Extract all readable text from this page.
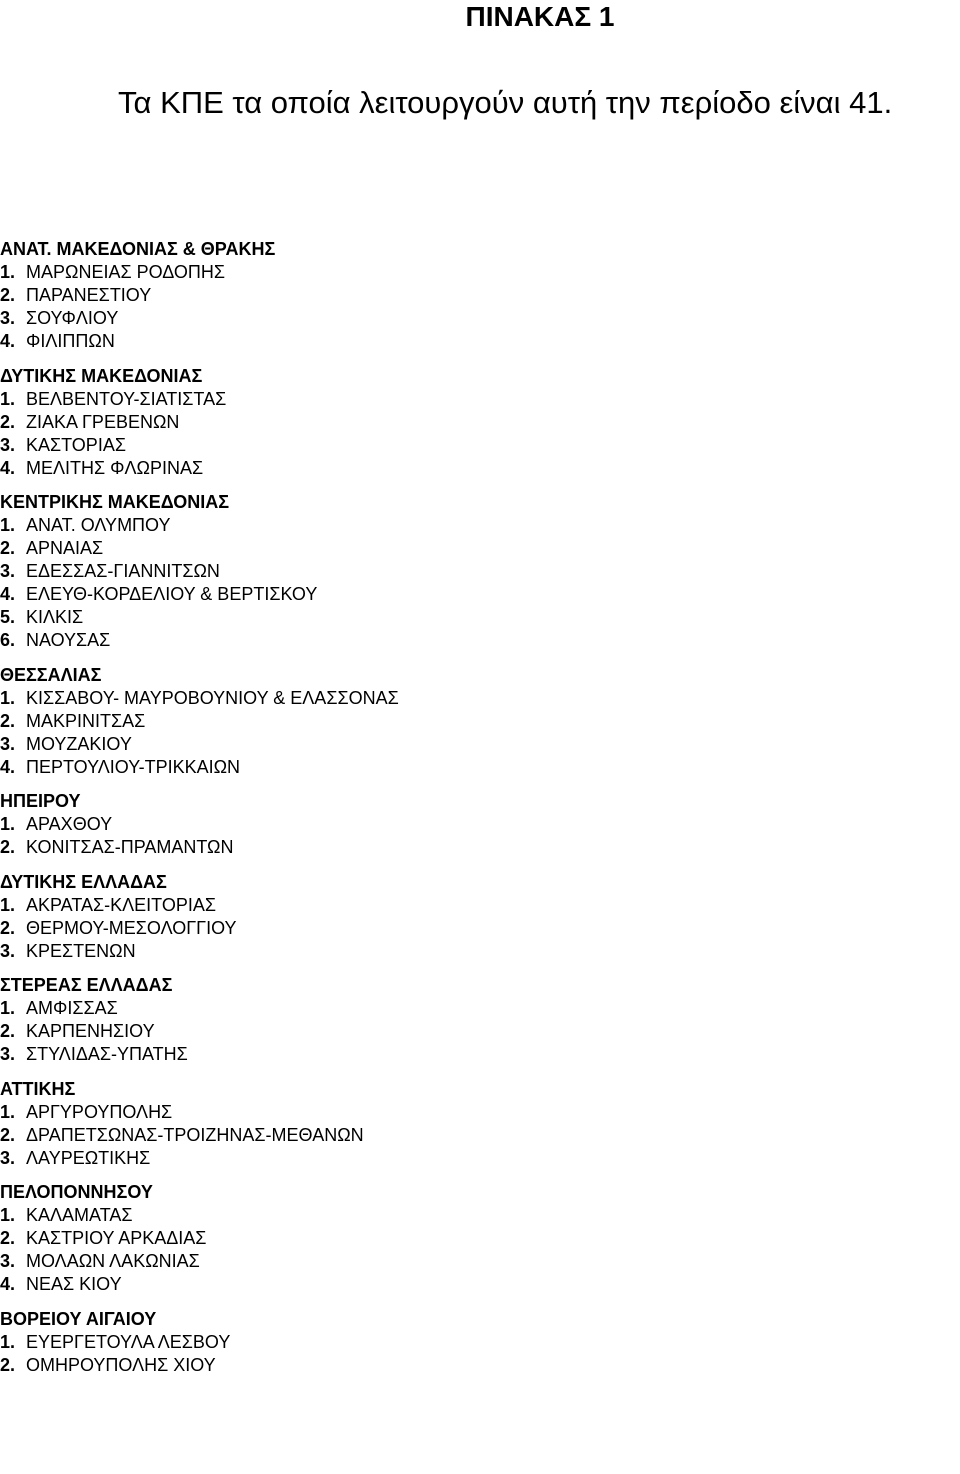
ΠΙΝΑΚΑΣ 1
Τα ΚΠΕ τα οποία λειτουργούν αυτή την περίοδο είναι 41.
ΑΝΑΤ. ΜΑΚΕΔΟΝΙΑΣ & ΘΡΑΚΗΣ
1. ΜΑΡΩΝΕΙΑΣ ΡΟΔΟΠΗΣ
2. ΠΑΡΑΝΕΣΤΙΟΥ
3. ΣΟΥΦΛΙΟΥ
4. ΦΙΛΙΠΠΩΝ
ΔΥΤΙΚΗΣ ΜΑΚΕΔΟΝΙΑΣ
1. ΒΕΛΒΕΝΤΟΥ-ΣΙΑΤΙΣΤΑΣ
2. ΖΙΑΚΑ ΓΡΕΒΕΝΩΝ
3. ΚΑΣΤΟΡΙΑΣ
4. ΜΕΛΙΤΗΣ ΦΛΩΡΙΝΑΣ
ΚΕΝΤΡΙΚΗΣ ΜΑΚΕΔΟΝΙΑΣ
1. ΑΝΑΤ. ΟΛΥΜΠΟΥ
2. ΑΡΝΑΙΑΣ
3. ΕΔΕΣΣΑΣ-ΓΙΑΝΝΙΤΣΩΝ
4. ΕΛΕΥΘ-ΚΟΡΔΕΛΙΟΥ & ΒΕΡΤΙΣΚΟΥ
5. ΚΙΛΚΙΣ
6. ΝΑΟΥΣΑΣ
ΘΕΣΣΑΛΙΑΣ
1. ΚΙΣΣΑΒΟΥ- ΜΑΥΡΟΒΟΥΝΙΟΥ & ΕΛΑΣΣΟΝΑΣ
2. ΜΑΚΡΙΝΙΤΣΑΣ
3. ΜΟΥΖΑΚΙΟΥ
4. ΠΕΡΤΟΥΛΙΟΥ-ΤΡΙΚΚΑΙΩΝ
ΗΠΕΙΡΟΥ
1. ΑΡΑΧΘΟΥ
2. ΚΟΝΙΤΣΑΣ-ΠΡΑΜΑΝΤΩΝ
ΔΥΤΙΚΗΣ ΕΛΛΑΔΑΣ
1. ΑΚΡΑΤΑΣ-ΚΛΕΙΤΟΡΙΑΣ
2. ΘΕΡΜΟΥ-ΜΕΣΟΛΟΓΓΙΟΥ
3. ΚΡΕΣΤΕΝΩΝ
ΣΤΕΡΕΑΣ ΕΛΛΑΔΑΣ
1. ΑΜΦΙΣΣΑΣ
2. ΚΑΡΠΕΝΗΣΙΟΥ
3. ΣΤΥΛΙΔΑΣ-ΥΠΑΤΗΣ
ΑΤΤΙΚΗΣ
1. ΑΡΓΥΡΟΥΠΟΛΗΣ
2. ΔΡΑΠΕΤΣΩΝΑΣ-ΤΡΟΙΖΗΝΑΣ-ΜΕΘΑΝΩΝ
3. ΛΑΥΡΕΩΤΙΚΗΣ
ΠΕΛΟΠΟΝΝΗΣΟΥ
1. ΚΑΛΑΜΑΤΑΣ
2. ΚΑΣΤΡΙΟΥ ΑΡΚΑΔΙΑΣ
3. ΜΟΛΑΩΝ ΛΑΚΩΝΙΑΣ
4. ΝΕΑΣ ΚΙΟΥ
ΒΟΡΕΙΟΥ ΑΙΓΑΙΟΥ
1. ΕΥΕΡΓΕΤΟΥΛΑ ΛΕΣΒΟΥ
2. ΟΜΗΡΟΥΠΟΛΗΣ ΧΙΟΥ
